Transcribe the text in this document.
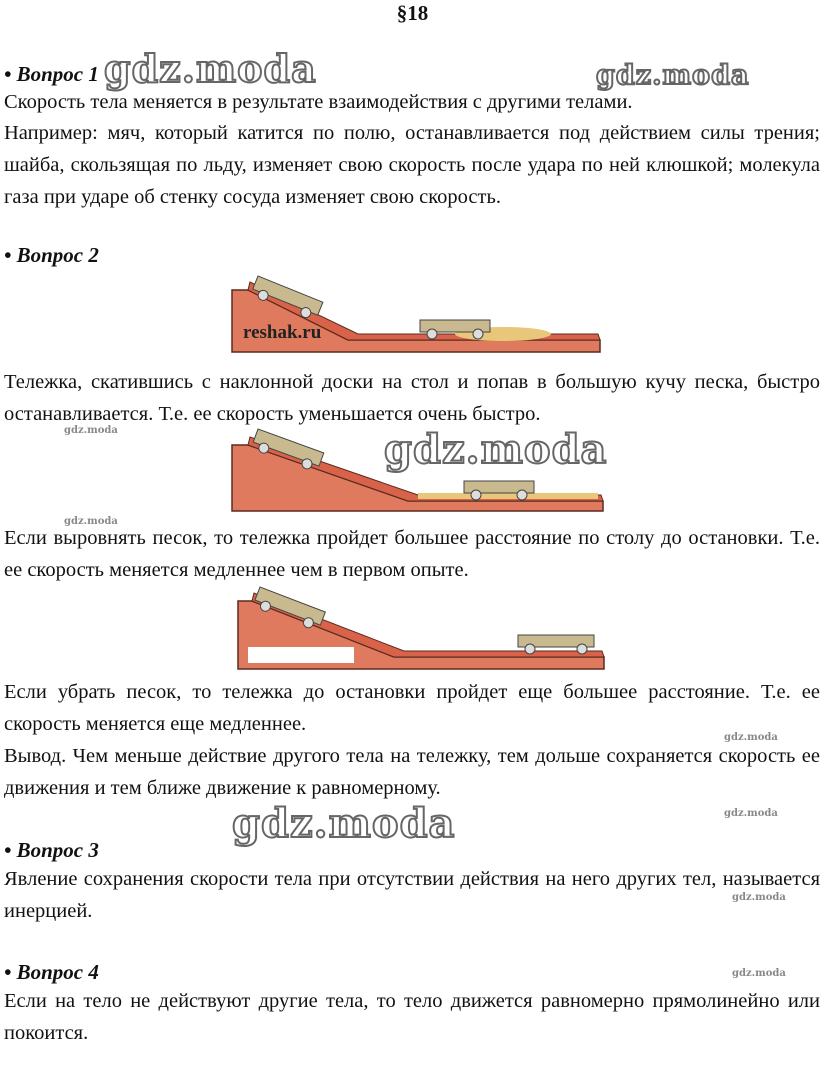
§18
• Вопрос 1
Скорость тела меняется в результате взаимодействия с другими телами.
Например: мяч, который катится по полю, останавливается под действием силы трения; шайба, скользящая по льду, изменяет свою скорость после удара по ней клюшкой; молекула газа при ударе об стенку сосуда изменяет свою скорость.
• Вопрос 2
reshak.ru
Тележка, скатившись с наклонной доски на стол и попав в большую кучу песка, быстро останавливается. Т.е. ее скорость уменьшается очень быстро.
Если выровнять песок, то тележка пройдет большее расстояние по столу до остановки. Т.е. ее скорость меняется медленнее чем в первом опыте.
Если убрать песок, то тележка до остановки пройдет еще большее расстояние. Т.е. ее скорость меняется еще медленнее.
Вывод. Чем меньше действие другого тела на тележку, тем дольше сохраняется скорость ее движения и тем ближе движение к равномерному.
• Вопрос 3
Явление сохранения скорости тела при отсутствии действия на него других тел, называется инерцией.
• Вопрос 4
Если на тело не действуют другие тела, то тело движется равномерно прямолинейно или покоится.
gdz.moda	gdz.moda
gdz.moda
gdz.moda
gdz.moda
gdz.moda
gdz.moda
gdz.moda
gdz.moda
gdz.moda
